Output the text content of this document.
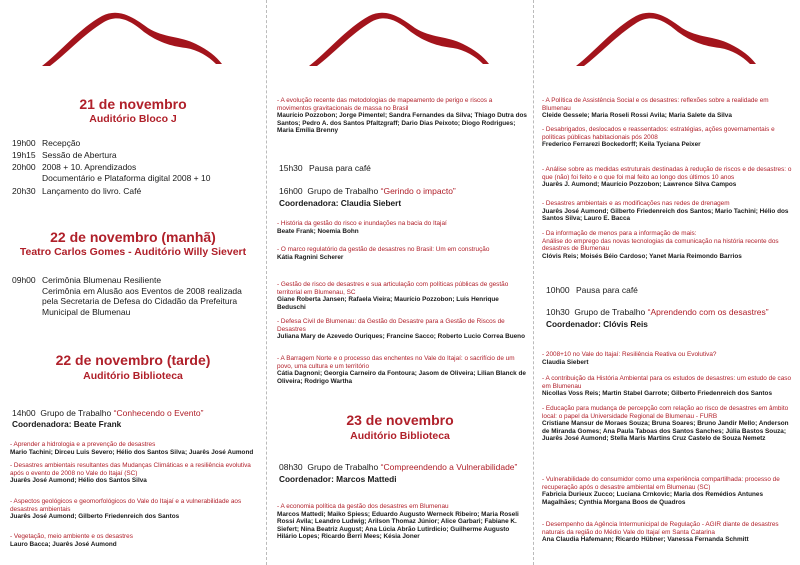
21 de novembro
Auditório Bloco J
19h00 Recepção
19h15 Sessão de Abertura
20h00 2008 + 10. Aprendizados
Documentário e Plataforma digital 2008 + 10
20h30 Lançamento do livro. Café
22 de novembro (manhã)
Teatro Carlos Gomes - Auditório Willy Sievert
09h00 Cerimônia Blumenau Resiliente
Cerimônia em Alusão aos Eventos de 2008 realizada pela Secretaria de Defesa do Cidadão da Prefeitura Municipal de Blumenau
22 de novembro (tarde)
Auditório Biblioteca
14h00 Grupo de Trabalho “Conhecendo o Evento”
Coordenadora: Beate Frank
- Aprender a hidrologia e a prevenção de desastres
Mario Tachini; Dirceu Luis Severo; Hélio dos Santos Silva; Juarês José Aumond
- Desastres ambientais resultantes das Mudanças Climáticas e a resiliência evolutiva após o evento de 2008 no Vale do Itajaí (SC)
Juarês José Aumond; Hélio dos Santos Silva
- Aspectos geológicos e geomorfológicos do Vale do Itajaí e a vulnerabilidade aos desastres ambientais
Juarês José Aumond; Gilberto Friedenreich dos Santos
- Vegetação, meio ambiente e os desastres
Lauro Bacca; Juarês José Aumond
- A evolução recente das metodologias de mapeamento de perigo e riscos a movimentos gravitacionais de massa no Brasil
Maurício Pozzobon; Jorge Pimentel; Sandra Fernandes da Silva; Thiago Dutra dos Santos; Pedro A. dos Santos Pfaltzgraff; Dario Dias Peixoto; Diogo Rodrigues; Maria Emília Brenny
15h30 Pausa para café
16h00 Grupo de Trabalho “Gerindo o impacto”
Coordenadora: Claudia Siebert
- História da gestão do risco e inundações na bacia do Itajaí
Beate Frank; Noemia Bohn
- O marco regulatório da gestão de desastres no Brasil: Um em construção
Kátia Ragnini Scherer
- Gestão de risco de desastres e sua articulação com políticas públicas de gestão territorial em Blumenau, SC
Giane Roberta Jansen; Rafaela Vieira; Maurício Pozzobon; Luis Henrique Beduschi
- Defesa Civil de Blumenau: da Gestão do Desastre para a Gestão de Riscos de Desastres
Juliana Mary de Azevedo Ouriques; Francine Sacco; Roberto Lucio Correa Bueno
- A Barragem Norte e o processo das enchentes no Vale do Itajaí: o sacrifício de um povo, uma cultura e um território
Cátia Dagnoni; Georgia Carneiro da Fontoura; Jasom de Oliveira; Lilian Blanck de Oliveira; Rodrigo Wartha
23 de novembro
Auditório Biblioteca
08h30 Grupo de Trabalho “Compreendendo a Vulnerabilidade”
Coordenador: Marcos Mattedi
- A economia política da gestão dos desastres em Blumenau
Marcos Mattedi; Maiko Spiess; Eduardo Augusto Werneck Ribeiro; Maria Roseli Rossi Avila; Leandro Ludwig; Arilson Thomaz Júnior; Alice Garbari; Fabiane K. Siefert; Nina Beatriz August; Ana Lúcia Abrão Lutirdicio; Guilherme Augusto Hilário Lopes; Ricardo Berri Mees; Késia Joner
- A Política de Assistência Social e os desastres: reflexões sobre a realidade em Blumenau
Cleide Gessele; Maria Roseli Rossi Avila; Maria Salete da Silva
- Desabrigados, deslocados e reassentados: estratégias, ações governamentais e políticas públicas habitacionais pós 2008
Frederico Ferrarezi Bockedorff; Keila Tyciana Peixer
- Análise sobre as medidas estruturais destinadas à redução de riscos e de desastres: o que (não) foi feito e o que foi mal feito ao longo dos últimos 10 anos
Juarês J. Aumond; Maurício Pozzobon; Lawrence Silva Campos
- Desastres ambientais e as modificações nas redes de drenagem
Juarês José Aumond; Gilberto Friedenreich dos Santos; Mario Tachini; Hélio dos Santos Silva; Lauro E. Bacca
- Da informação de menos para a informação de mais:
Análise do emprego das novas tecnologias da comunicação na história recente dos desastres de Blumenau
Clóvis Reis; Moisés Béio Cardoso; Yanet María Reimondo Barrios
10h00 Pausa para café
10h30 Grupo de Trabalho “Aprendendo com os desastres”
Coordenador: Clóvis Reis
- 2008+10 no Vale do Itajaí: Resiliência Reativa ou Evolutiva?
Claudia Siebert
- A contribuição da História Ambiental para os estudos de desastres: um estudo de caso em Blumenau
Nicollas Voss Reis; Martin Stabel Garrote; Gilberto Friedenreich dos Santos
- Educação para mudança de percepção com relação ao risco de desastres em âmbito local: o papel da Universidade Regional de Blumenau - FURB
Cristiane Mansur de Moraes Souza; Bruna Soares; Bruno Jandir Mello; Anderson de Miranda Gomes; Ana Paula Taboas dos Santos Sanches; Júlia Bastos Souza; Juarês José Aumond; Stella Maris Martins Cruz Castelo de Souza Nemetz
- Vulnerabilidade do consumidor como uma experiência compartilhada: processo de recuperação após o desastre ambiental em Blumenau (SC)
Fabricia Durieux Zucco; Luciana Crnkovic; Maria dos Remédios Antunes Magalhães; Cynthia Morgana Boos de Quadros
- Desempenho da Agência Intermunicipal de Regulação - AGIR diante de desastres naturais da região do Médio Vale do Itajaí em Santa Catarina
Ana Claudia Hafemann; Ricardo Hübner; Vanessa Fernanda Schmitt
